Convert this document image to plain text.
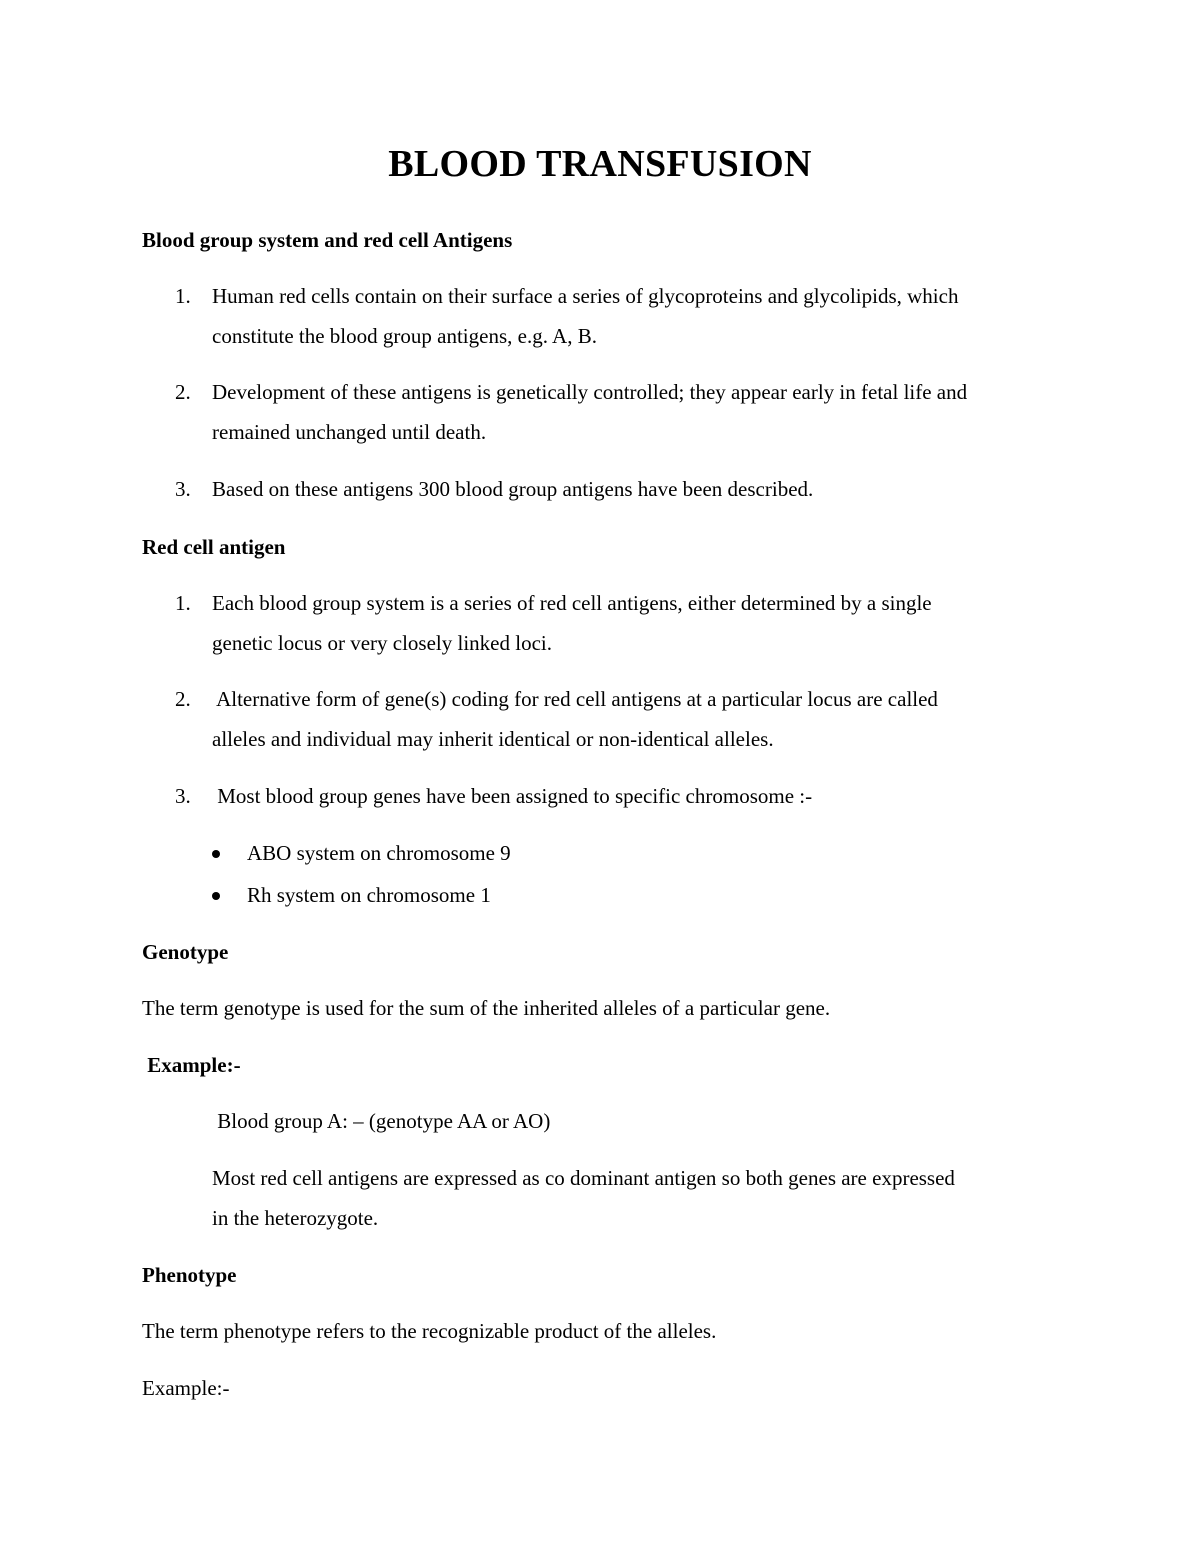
BLOOD TRANSFUSION
Blood group system and red cell Antigens
1. Human red cells contain on their surface a series of glycoproteins and glycolipids, which
constitute the blood group antigens, e.g. A, B.
2. Development of these antigens is genetically controlled; they appear early in fetal life and
remained unchanged until death.
3. Based on these antigens 300 blood group antigens have been described.
Red cell antigen
1. Each blood group system is a series of red cell antigens, either determined by a single
genetic locus or very closely linked loci.
2. Alternative form of gene(s) coding for red cell antigens at a particular locus are called
alleles and individual may inherit identical or non-identical alleles.
3. Most blood group genes have been assigned to specific chromosome :-
ABO system on chromosome 9
Rh system on chromosome 1
Genotype
The term genotype is used for the sum of the inherited alleles of a particular gene.
Example:-
Blood group A: – (genotype AA or AO)
Most red cell antigens are expressed as co dominant antigen so both genes are expressed
in the heterozygote.
Phenotype
The term phenotype refers to the recognizable product of the alleles.
Example:-
